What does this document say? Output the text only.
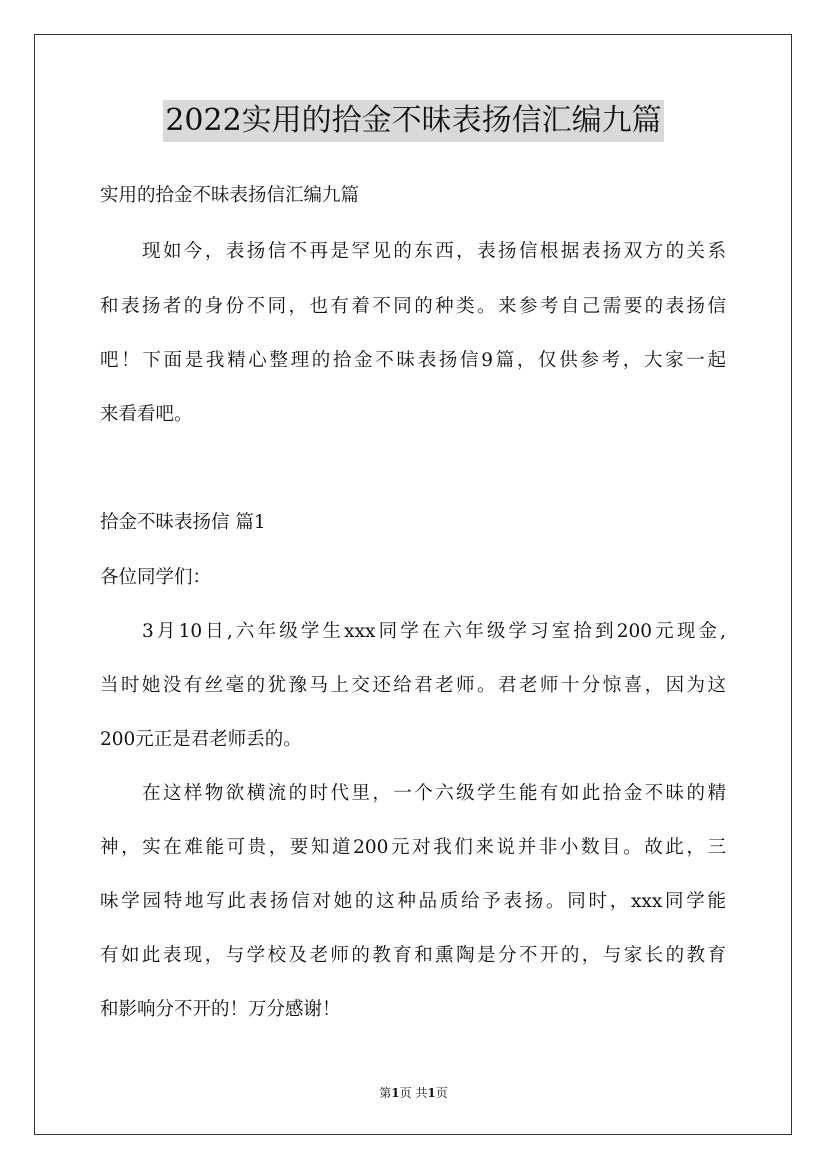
2022实用的拾金不昧表扬信汇编九篇
实用的拾金不昧表扬信汇编九篇
现如今，表扬信不再是罕见的东西，表扬信根据表扬双方的关系
和表扬者的身份不同，也有着不同的种类。来参考自己需要的表扬信
吧！下面是我精心整理的拾金不昧表扬信9篇，仅供参考，大家一起
来看看吧。
拾金不昧表扬信 篇1
各位同学们：
3月10日,六年级学生xxx同学在六年级学习室拾到200元现金,
当时她没有丝毫的犹豫马上交还给君老师。君老师十分惊喜，因为这
200元正是君老师丢的。
在这样物欲横流的时代里，一个六级学生能有如此拾金不昧的精
神，实在难能可贵，要知道200元对我们来说并非小数目。故此，三
味学园特地写此表扬信对她的这种品质给予表扬。同时，xxx同学能
有如此表现，与学校及老师的教育和熏陶是分不开的，与家长的教育
和影响分不开的！万分感谢！
第1页 共1页
